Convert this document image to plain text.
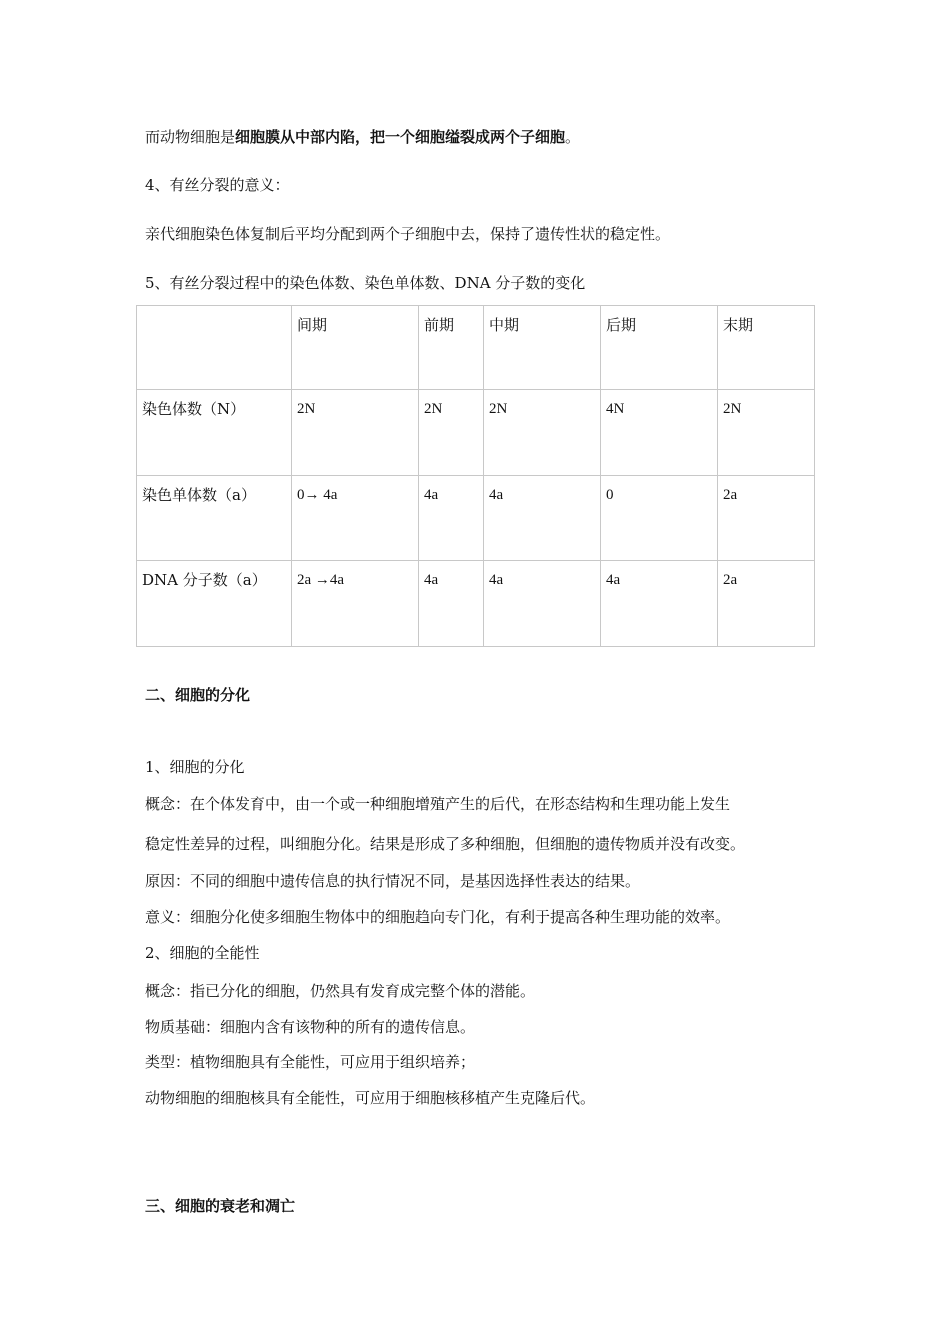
而动物细胞是细胞膜从中部内陷，把一个细胞缢裂成两个子细胞。
4、有丝分裂的意义：
亲代细胞染色体复制后平均分配到两个子细胞中去，保持了遗传性状的稳定性。
5、有丝分裂过程中的染色体数、染色单体数、DNA 分子数的变化
	间期	前期	中期	后期	末期
染色体数（N）	2N	2N	2N	4N	2N
染色单体数（a）	0→ 4a	4a	4a	0	2a
DNA 分子数（a）	2a →4a	4a	4a	4a	2a
二、细胞的分化
1、细胞的分化
概念：在个体发育中，由一个或一种细胞增殖产生的后代，在形态结构和生理功能上发生
稳定性差异的过程，叫细胞分化。结果是形成了多种细胞，但细胞的遗传物质并没有改变。
原因：不同的细胞中遗传信息的执行情况不同，是基因选择性表达的结果。
意义：细胞分化使多细胞生物体中的细胞趋向专门化，有利于提高各种生理功能的效率。
2、细胞的全能性
概念：指已分化的细胞，仍然具有发育成完整个体的潜能。
物质基础：细胞内含有该物种的所有的遗传信息。
类型：植物细胞具有全能性，可应用于组织培养；
动物细胞的细胞核具有全能性，可应用于细胞核移植产生克隆后代。
三、细胞的衰老和凋亡
